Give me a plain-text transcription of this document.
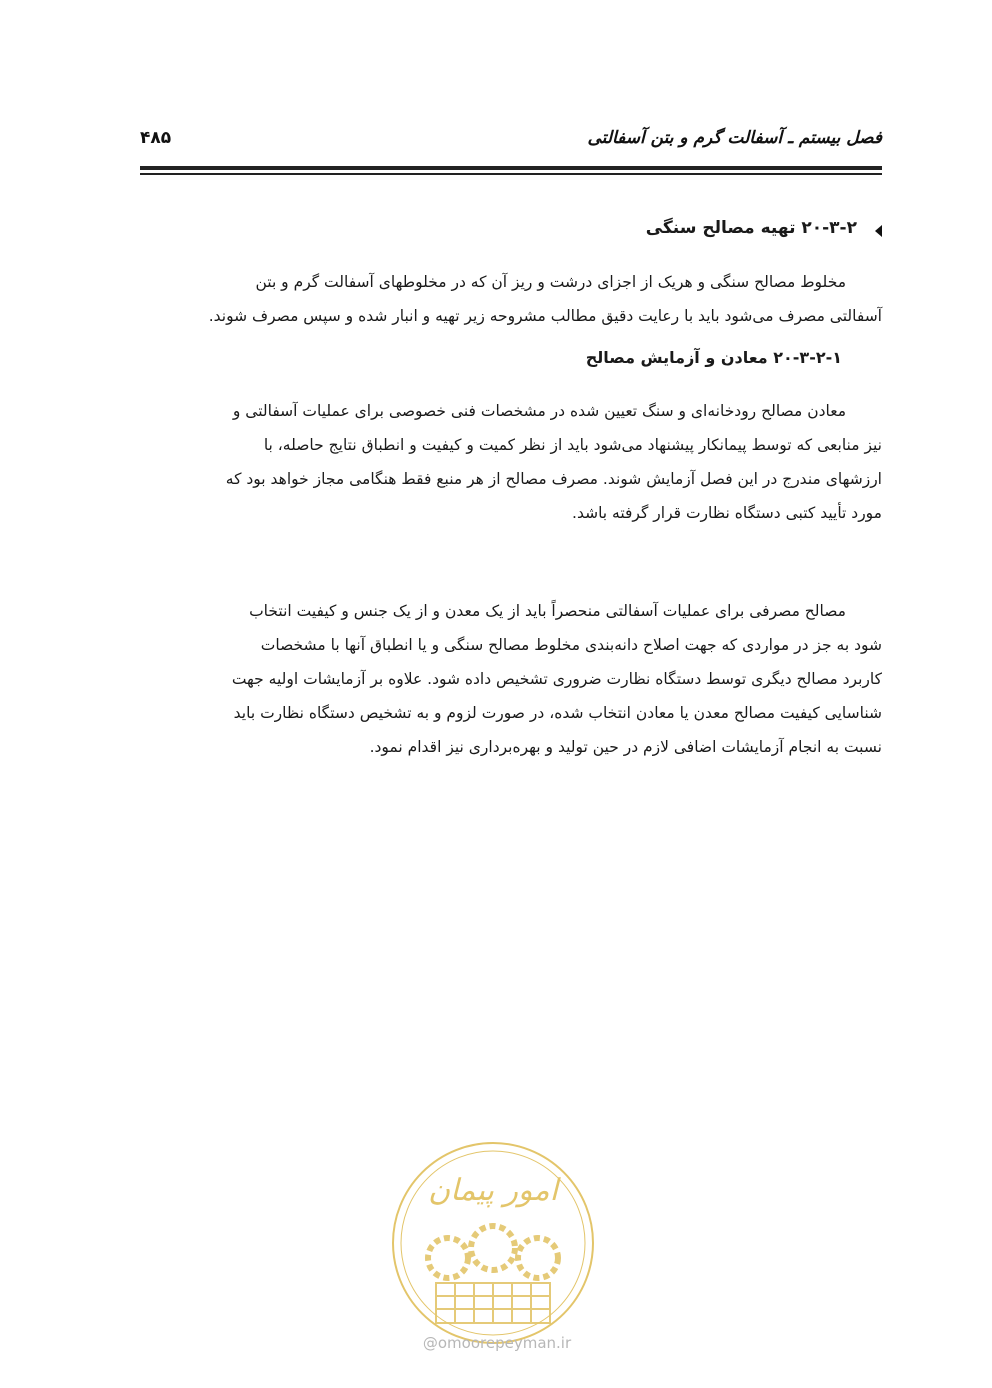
فصل بیستم ـ آسفالت گرم و بتن آسفالتی
۴۸۵
۲۰-۳-۲ تهیه مصالح سنگی

مخلوط مصالح سنگی و هریک از اجزای درشت و ریز آن که در مخلوطهای آسفالت گرم و بتن

آسفالتی مصرف می‌شود باید با رعایت دقیق مطالب مشروحه زیر تهیه و انبار شده و سپس مصرف شوند.

۲۰-۳-۲-۱ معادن و آزمایش مصالح

معادن مصالح رودخانه‌ای و سنگ تعیین شده در مشخصات فنی خصوصی برای عملیات آسفالتی و

نیز منابعی که توسط پیمانکار پیشنهاد می‌شود باید از نظر کمیت و کیفیت و انطباق نتایج حاصله، با

ارزشهای مندرج در این فصل آزمایش شوند. مصرف مصالح از هر منبع فقط هنگامی مجاز خواهد بود که

مورد تأیید کتبی دستگاه نظارت قرار گرفته باشد.

مصالح مصرفی برای عملیات آسفالتی منحصراً باید از یک معدن و از یک جنس و کیفیت انتخاب

شود به جز در مواردی که جهت اصلاح دانه‌بندی مخلوط مصالح سنگی و یا انطباق آنها با مشخصات

کاربرد مصالح دیگری توسط دستگاه نظارت ضروری تشخیص داده شود. علاوه بر آزمایشات اولیه جهت

شناسایی کیفیت مصالح معدن یا معادن انتخاب شده، در صورت لزوم و به تشخیص دستگاه نظارت باید

نسبت به انجام آزمایشات اضافی لازم در حین تولید و بهره‌برداری نیز اقدام نمود.

امور پیمان
@omoorepeyman.ir
